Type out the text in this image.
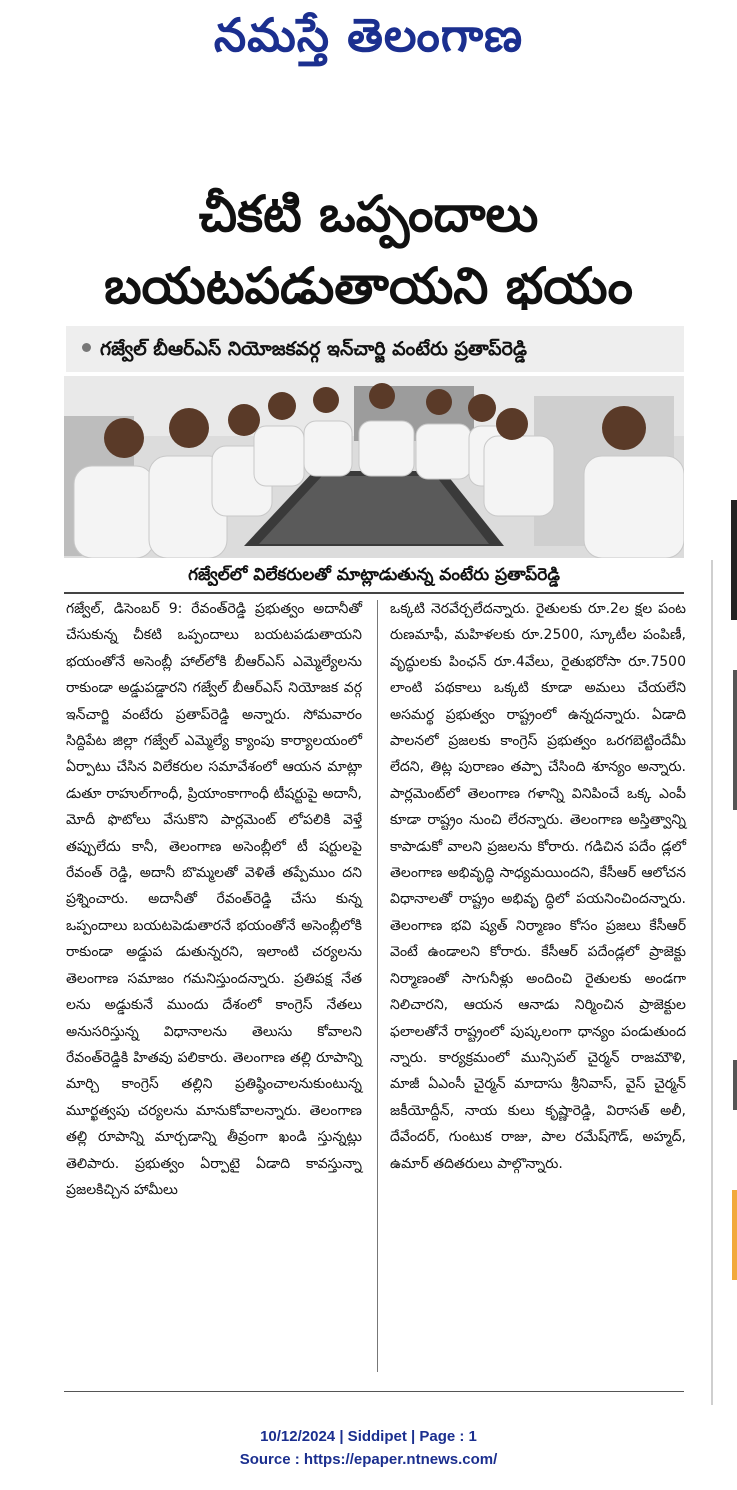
నమస్తే తెలంగాణ
చీకటి ఒప్పందాలు
బయటపడుతాయని భయం
గజ్వేల్ బీఆర్ఎస్ నియోజకవర్గ ఇన్‌చార్జి వంటేరు ప్రతాప్‌రెడ్డి
గజ్వేల్‌లో విలేకరులతో మాట్లాడుతున్న వంటేరు ప్రతాప్‌రెడ్డి
గజ్వేల్, డిసెంబర్ 9: రేవంత్‌రెడ్డి ప్రభుత్వం అదానీతో చేసుకున్న చీకటి ఒప్పందాలు బయటపడుతాయని భయంతోనే అసెంబ్లీ హాల్‌లోకి బీఆర్ఎస్ ఎమ్మెల్యేలను రాకుండా అడ్డుపడ్డారని గజ్వేల్ బీఆర్ఎస్ నియోజక వర్గ ఇన్‌చార్జి వంటేరు ప్రతాప్‌రెడ్డి అన్నారు. సోమవారం సిద్దిపేట జిల్లా గజ్వేల్ ఎమ్మెల్యే క్యాంపు కార్యాలయంలో ఏర్పాటు చేసిన విలేకరుల సమావేశంలో ఆయన మాట్లా డుతూ రాహుల్‌గాంధీ, ప్రియాంకాగాంధీ టీషర్టుపై అదానీ, మోదీ ఫొటోలు వేసుకొని పార్లమెంట్ లోపలికి వెళ్తే తప్పులేదు కానీ, తెలంగాణ అసెంబ్లీలో టీ షర్టులపై రేవంత్ రెడ్డి, అదానీ బొమ్మలతో వెళితే తప్పేముం దని ప్రశ్నించారు. అదానీతో రేవంత్‌రెడ్డి చేసు కున్న ఒప్పందాలు బయటపెడుతారనే భయంతోనే అసెంబ్లీలోకి రాకుండా అడ్డుప డుతున్నరని, ఇలాంటి చర్యలను తెలంగాణ సమాజం గమనిస్తుందన్నారు. ప్రతిపక్ష నేత లను అడ్డుకునే ముందు దేశంలో కాంగ్రెస్ నేతలు అనుసరిస్తున్న విధానాలను తెలుసు కోవాలని రేవంత్‌రెడ్డికి హితవు పలికారు. తెలంగాణ తల్లి రూపాన్ని మార్చి కాంగ్రెస్ తల్లిని ప్రతిష్ఠించాలనుకుంటున్న మూర్ఖత్వపు చర్యలను మానుకోవాలన్నారు. తెలంగాణ తల్లి రూపాన్ని మార్చడాన్ని తీవ్రంగా ఖండి స్తున్నట్లు తెలిపారు. ప్రభుత్వం ఏర్పాటై ఏడాది కావస్తున్నా ప్రజలకిచ్చిన హామీలు
ఒక్కటి నెరవేర్చలేదన్నారు. రైతులకు రూ.2ల క్షల పంట రుణమాఫీ, మహిళలకు రూ.2500, స్కూటీల పంపిణీ, వృద్ధులకు పింఛన్ రూ.4వేలు, రైతుభరోసా రూ.7500 లాంటి పథకాలు ఒక్కటి కూడా అమలు చేయలేని అసమర్థ ప్రభుత్వం రాష్ట్రంలో ఉన్నదన్నారు. ఏడాది పాలనలో ప్రజలకు కాంగ్రెస్ ప్రభుత్వం ఒరగబెట్టిందేమీ లేదని, తిట్ల పురాణం తప్పా చేసింది శూన్యం అన్నారు. పార్లమెంట్‌లో తెలంగాణ గళాన్ని వినిపించే ఒక్క ఎంపీ కూడా రాష్ట్రం నుంచి లేరన్నారు. తెలంగాణ అస్తిత్వాన్ని కాపాడుకో వాలని ప్రజలను కోరారు. గడిచిన పదేం డ్లలో తెలంగాణ అభివృద్ధి సాధ్యమయిందని, కేసీఆర్ ఆలోచన విధానాలతో రాష్ట్రం అభివృ ద్ధిలో పయనించిందన్నారు. తెలంగాణ భవి ష్యత్ నిర్మాణం కోసం ప్రజలు కేసీఆర్ వెంటే ఉండాలని కోరారు. కేసీఆర్ పదేండ్లలో ప్రాజెక్టు నిర్మాణంతో సాగునీళ్లు అందించి రైతులకు అండగా నిలిచారని, ఆయన ఆనాడు నిర్మించిన ప్రాజెక్టుల ఫలాలతోనే రాష్ట్రంలో పుష్కలంగా ధాన్యం పండుతుంద న్నారు. కార్యక్రమంలో మున్సిపల్ చైర్మన్ రాజమౌళి, మాజీ ఏఎంసీ చైర్మన్ మాదాసు శ్రీనివాస్, వైస్ చైర్మన్ జకీయోద్దీన్, నాయ కులు కృష్ణారెడ్డి, విరాసత్ అలీ, దేవేందర్, గుంటుక రాజు, పాల రమేష్‌గౌడ్, అహ్మద్, ఉమార్ తదితరులు పాల్గొన్నారు.
10/12/2024 | Siddipet | Page : 1
Source : https://epaper.ntnews.com/
